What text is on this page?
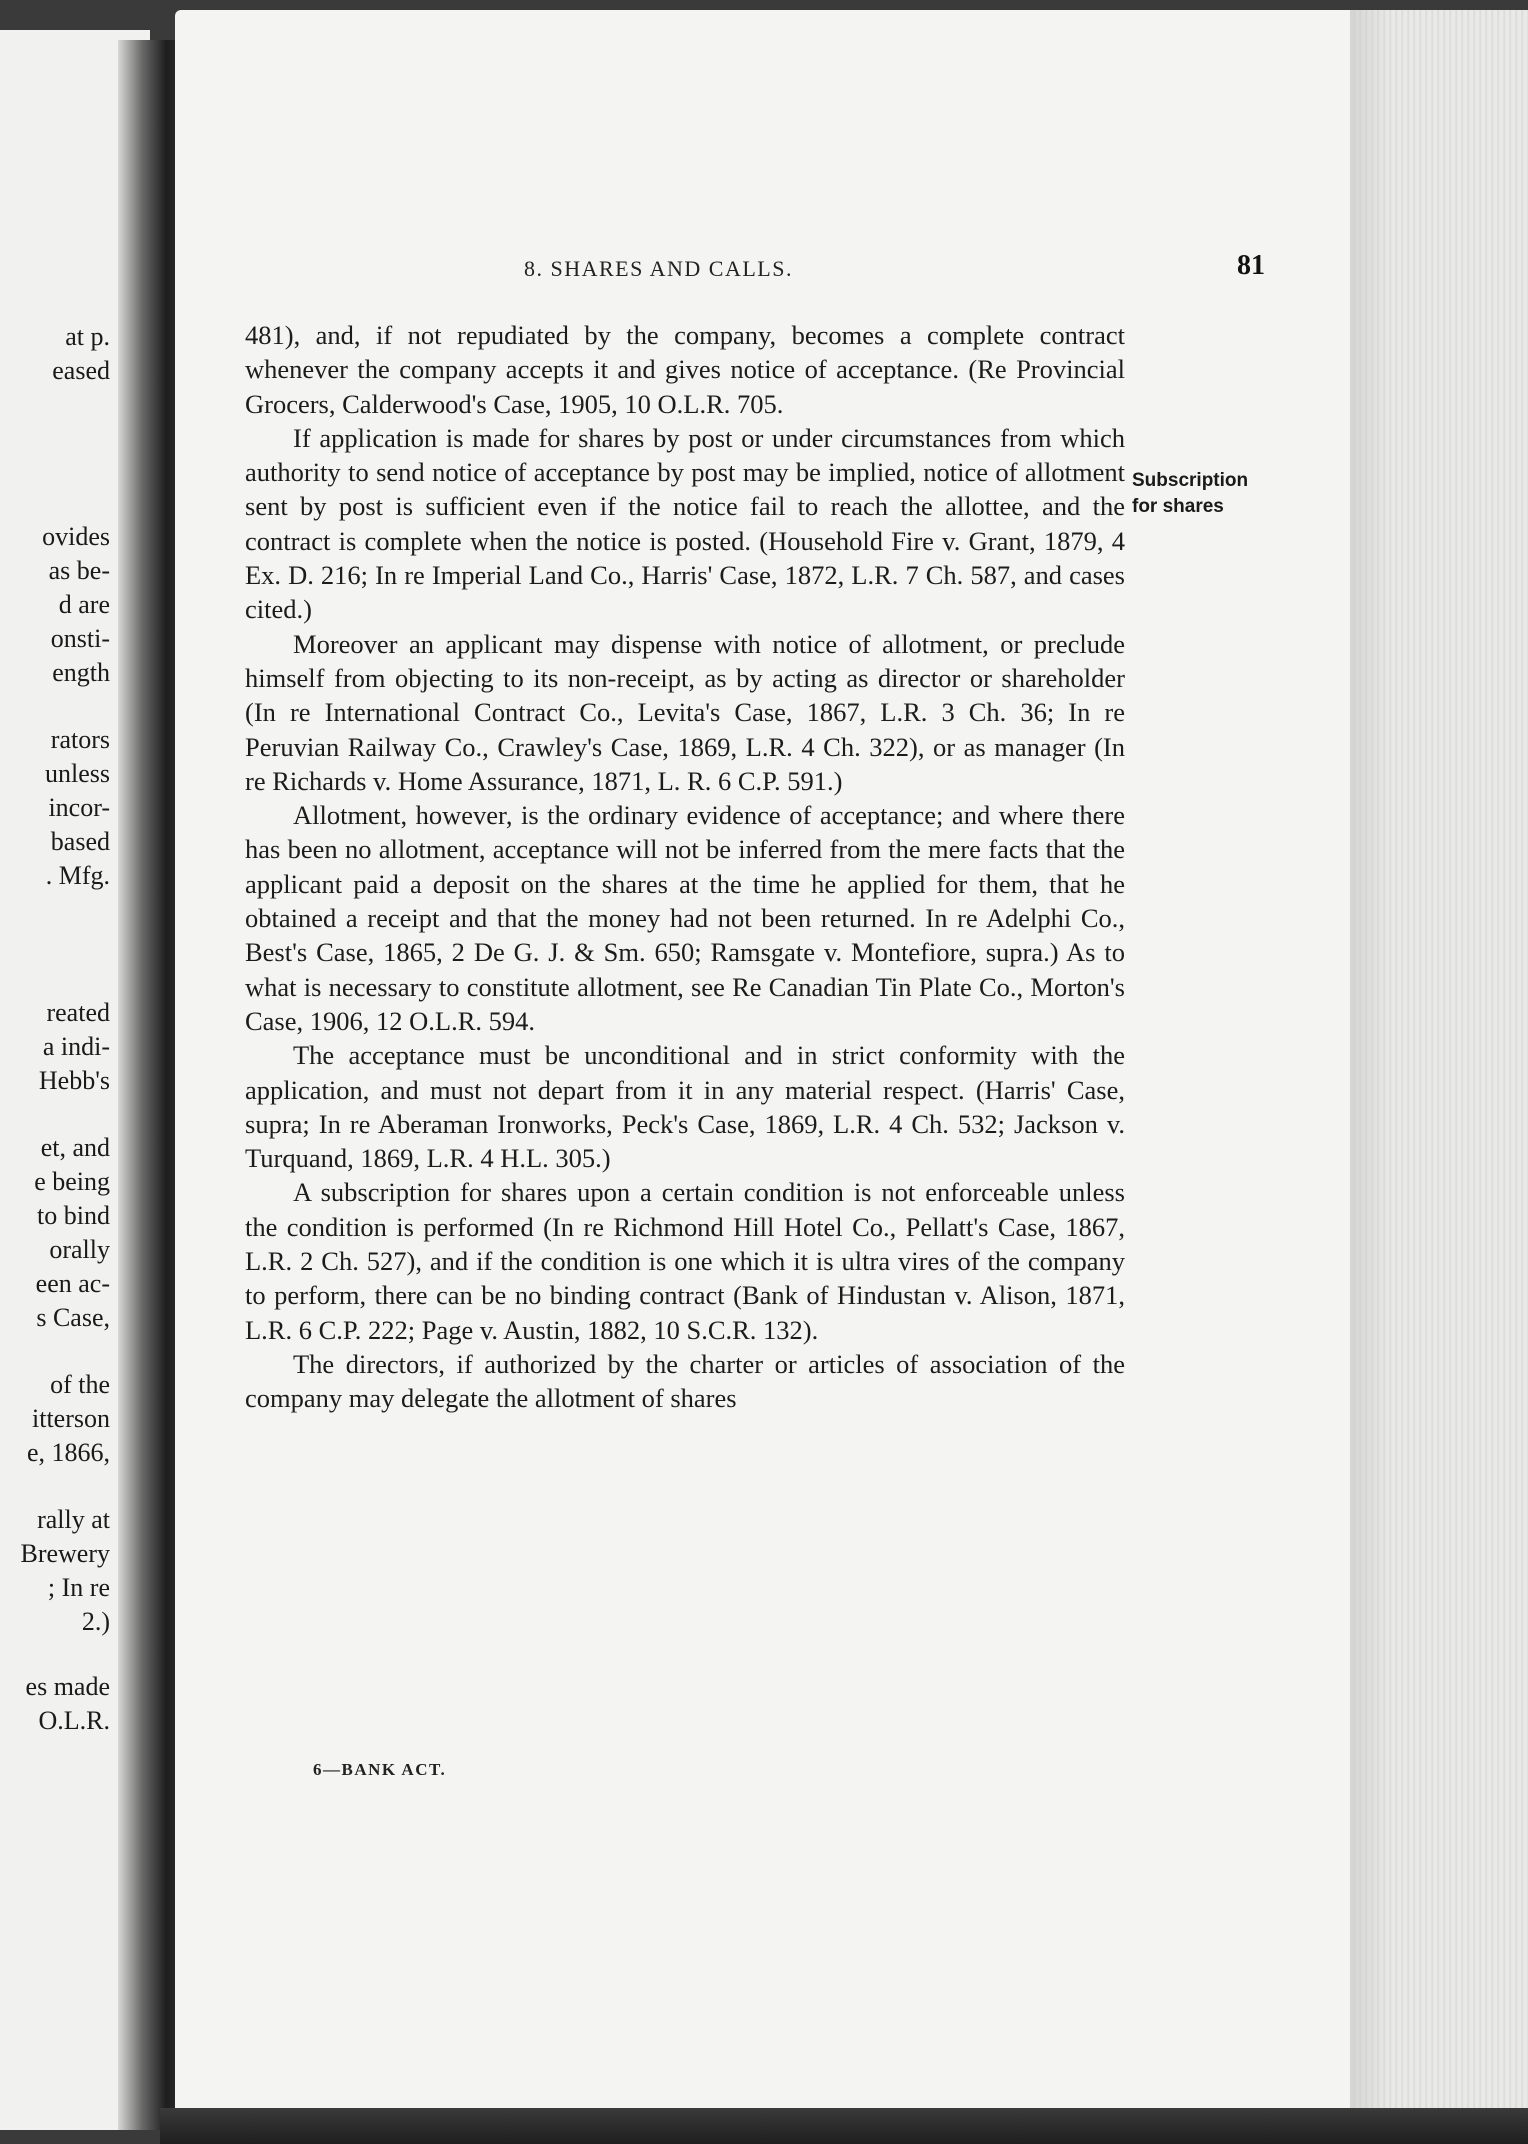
at p.
eased
ovides
as be-
d are
onsti-
ength
rators
unless
incor-
based
. Mfg.
reated
a indi-
Hebb's
et, and
e being
to bind
orally
een ac-
s Case,
of the
itterson
e, 1866,
rally at
Brewery
; In re
2.)
es made
O.L.R.
8. SHARES AND CALLS.	81
Subscription
for shares

481), and, if not repudiated by the company, becomes a complete contract whenever the company accepts it and gives notice of acceptance. (Re Provincial Grocers, Calderwood's Case, 1905, 10 O.L.R. 705.

If application is made for shares by post or under circumstances from which authority to send notice of acceptance by post may be implied, notice of allotment sent by post is sufficient even if the notice fail to reach the allottee, and the contract is complete when the notice is posted. (Household Fire v. Grant, 1879, 4 Ex. D. 216; In re Imperial Land Co., Harris' Case, 1872, L.R. 7 Ch. 587, and cases cited.)

Moreover an applicant may dispense with notice of allotment, or preclude himself from objecting to its non-receipt, as by acting as director or shareholder (In re International Contract Co., Levita's Case, 1867, L.R. 3 Ch. 36; In re Peruvian Railway Co., Crawley's Case, 1869, L.R. 4 Ch. 322), or as manager (In re Richards v. Home Assurance, 1871, L. R. 6 C.P. 591.)

Allotment, however, is the ordinary evidence of acceptance; and where there has been no allotment, acceptance will not be inferred from the mere facts that the applicant paid a deposit on the shares at the time he applied for them, that he obtained a receipt and that the money had not been returned. In re Adelphi Co., Best's Case, 1865, 2 De G. J. & Sm. 650; Ramsgate v. Montefiore, supra.) As to what is necessary to constitute allotment, see Re Canadian Tin Plate Co., Morton's Case, 1906, 12 O.L.R. 594.

The acceptance must be unconditional and in strict conformity with the application, and must not depart from it in any material respect. (Harris' Case, supra; In re Aberaman Ironworks, Peck's Case, 1869, L.R. 4 Ch. 532; Jackson v. Turquand, 1869, L.R. 4 H.L. 305.)

A subscription for shares upon a certain condition is not enforceable unless the condition is performed (In re Richmond Hill Hotel Co., Pellatt's Case, 1867, L.R. 2 Ch. 527), and if the condition is one which it is ultra vires of the company to perform, there can be no binding contract (Bank of Hindustan v. Alison, 1871, L.R. 6 C.P. 222; Page v. Austin, 1882, 10 S.C.R. 132).

The directors, if authorized by the charter or articles of association of the company may delegate the allotment of shares

6—BANK ACT.
